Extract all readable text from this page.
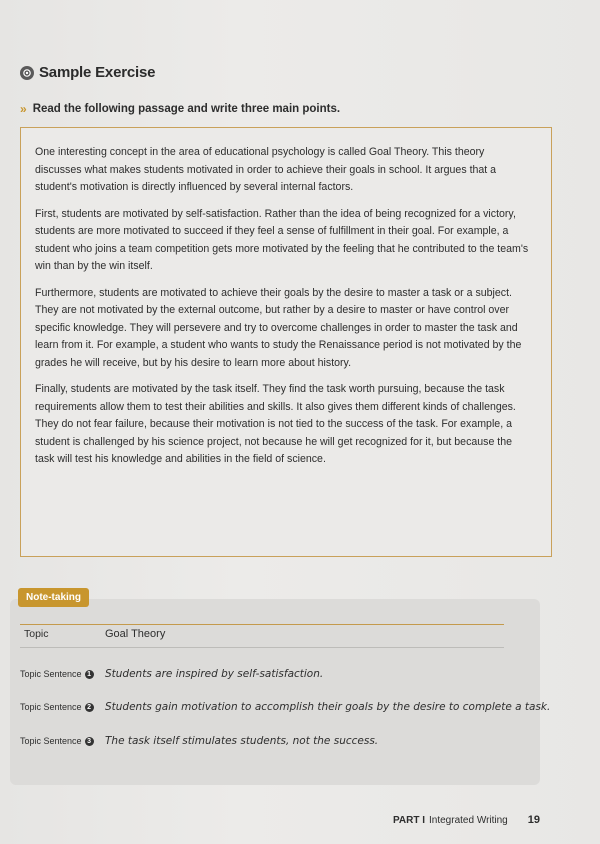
Sample Exercise
» Read the following passage and write three main points.

One interesting concept in the area of educational psychology is called Goal Theory. This theory discusses what makes students motivated in order to achieve their goals in school. It argues that a student's motivation is directly influenced by several internal factors.

First, students are motivated by self-satisfaction. Rather than the idea of being recognized for a victory, students are more motivated to succeed if they feel a sense of fulfillment in their goal. For example, a student who joins a team competition gets more motivated by the feeling that he contributed to the team's win than by the win itself.

Furthermore, students are motivated to achieve their goals by the desire to master a task or a subject. They are not motivated by the external outcome, but rather by a desire to master or have control over specific knowledge. They will persevere and try to overcome challenges in order to master the task and learn from it. For example, a student who wants to study the Renaissance period is not motivated by the grades he will receive, but by his desire to learn more about history.

Finally, students are motivated by the task itself. They find the task worth pursuing, because the task requirements allow them to test their abilities and skills. It also gives them different kinds of challenges. They do not fear failure, because their motivation is not tied to the success of the task. For example, a student is challenged by his science project, not because he will get recognized for it, but because the task will test his knowledge and abilities in the field of science.

Note-taking
Topic	Goal Theory
Topic Sentence 1 Students are inspired by self-satisfaction.
Topic Sentence 2 Students gain motivation to accomplish their goals by the desire to complete a task.
Topic Sentence 3 The task itself stimulates students, not the success.
PART I Integrated Writing 19
